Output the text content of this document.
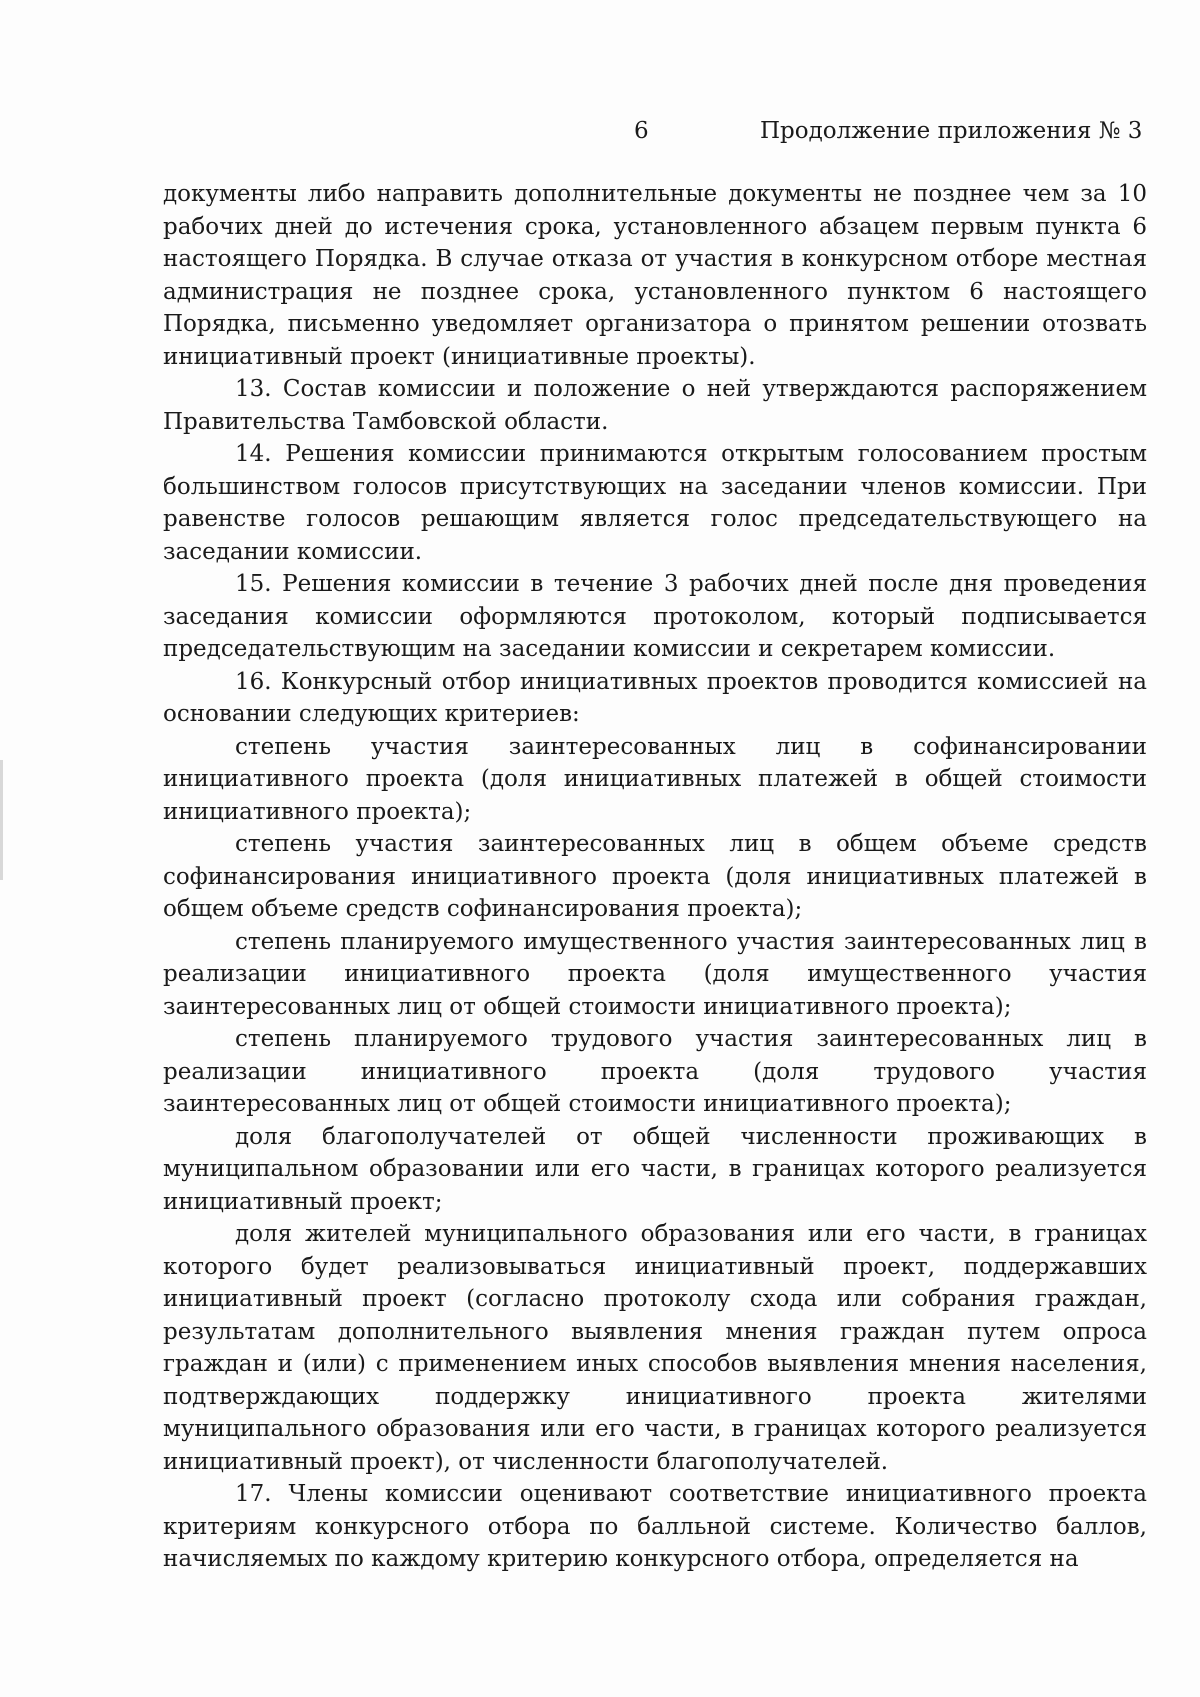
6	Продолжение приложения № 3

документы либо направить дополнительные документы не позднее чем за 10 рабочих дней до истечения срока, установленного абзацем первым пункта 6 настоящего Порядка. В случае отказа от участия в конкурсном отборе местная администрация не позднее срока, установленного пунктом 6 настоящего Порядка, письменно уведомляет организатора о принятом решении отозвать инициативный проект (инициативные проекты).

13. Состав комиссии и положение о ней утверждаются распоряжением Правительства Тамбовской области.

14. Решения комиссии принимаются открытым голосованием простым большинством голосов присутствующих на заседании членов комиссии. При равенстве голосов решающим является голос председательствующего на заседании комиссии.

15. Решения комиссии в течение 3 рабочих дней после дня проведения заседания комиссии оформляются протоколом, который подписывается председательствующим на заседании комиссии и секретарем комиссии.

16. Конкурсный отбор инициативных проектов проводится комиссией на основании следующих критериев:

степень участия заинтересованных лиц в софинансировании инициативного проекта (доля инициативных платежей в общей стоимости инициативного проекта);

степень участия заинтересованных лиц в общем объеме средств софинансирования инициативного проекта (доля инициативных платежей в общем объеме средств софинансирования проекта);

степень планируемого имущественного участия заинтересованных лиц в реализации инициативного проекта (доля имущественного участия заинтересованных лиц от общей стоимости инициативного проекта);

степень планируемого трудового участия заинтересованных лиц в реализации инициативного проекта (доля трудового участия заинтересованных лиц от общей стоимости инициативного проекта);

доля благополучателей от общей численности проживающих в муниципальном образовании или его части, в границах которого реализуется инициативный проект;

доля жителей муниципального образования или его части, в границах которого будет реализовываться инициативный проект, поддержавших инициативный проект (согласно протоколу схода или собрания граждан, результатам дополнительного выявления мнения граждан путем опроса граждан и (или) с применением иных способов выявления мнения населения, подтверждающих поддержку инициативного проекта жителями муниципального образования или его части, в границах которого реализуется инициативный проект), от численности благополучателей.

17. Члены комиссии оценивают соответствие инициативного проекта критериям конкурсного отбора по балльной системе. Количество баллов, начисляемых по каждому критерию конкурсного отбора, определяется на
